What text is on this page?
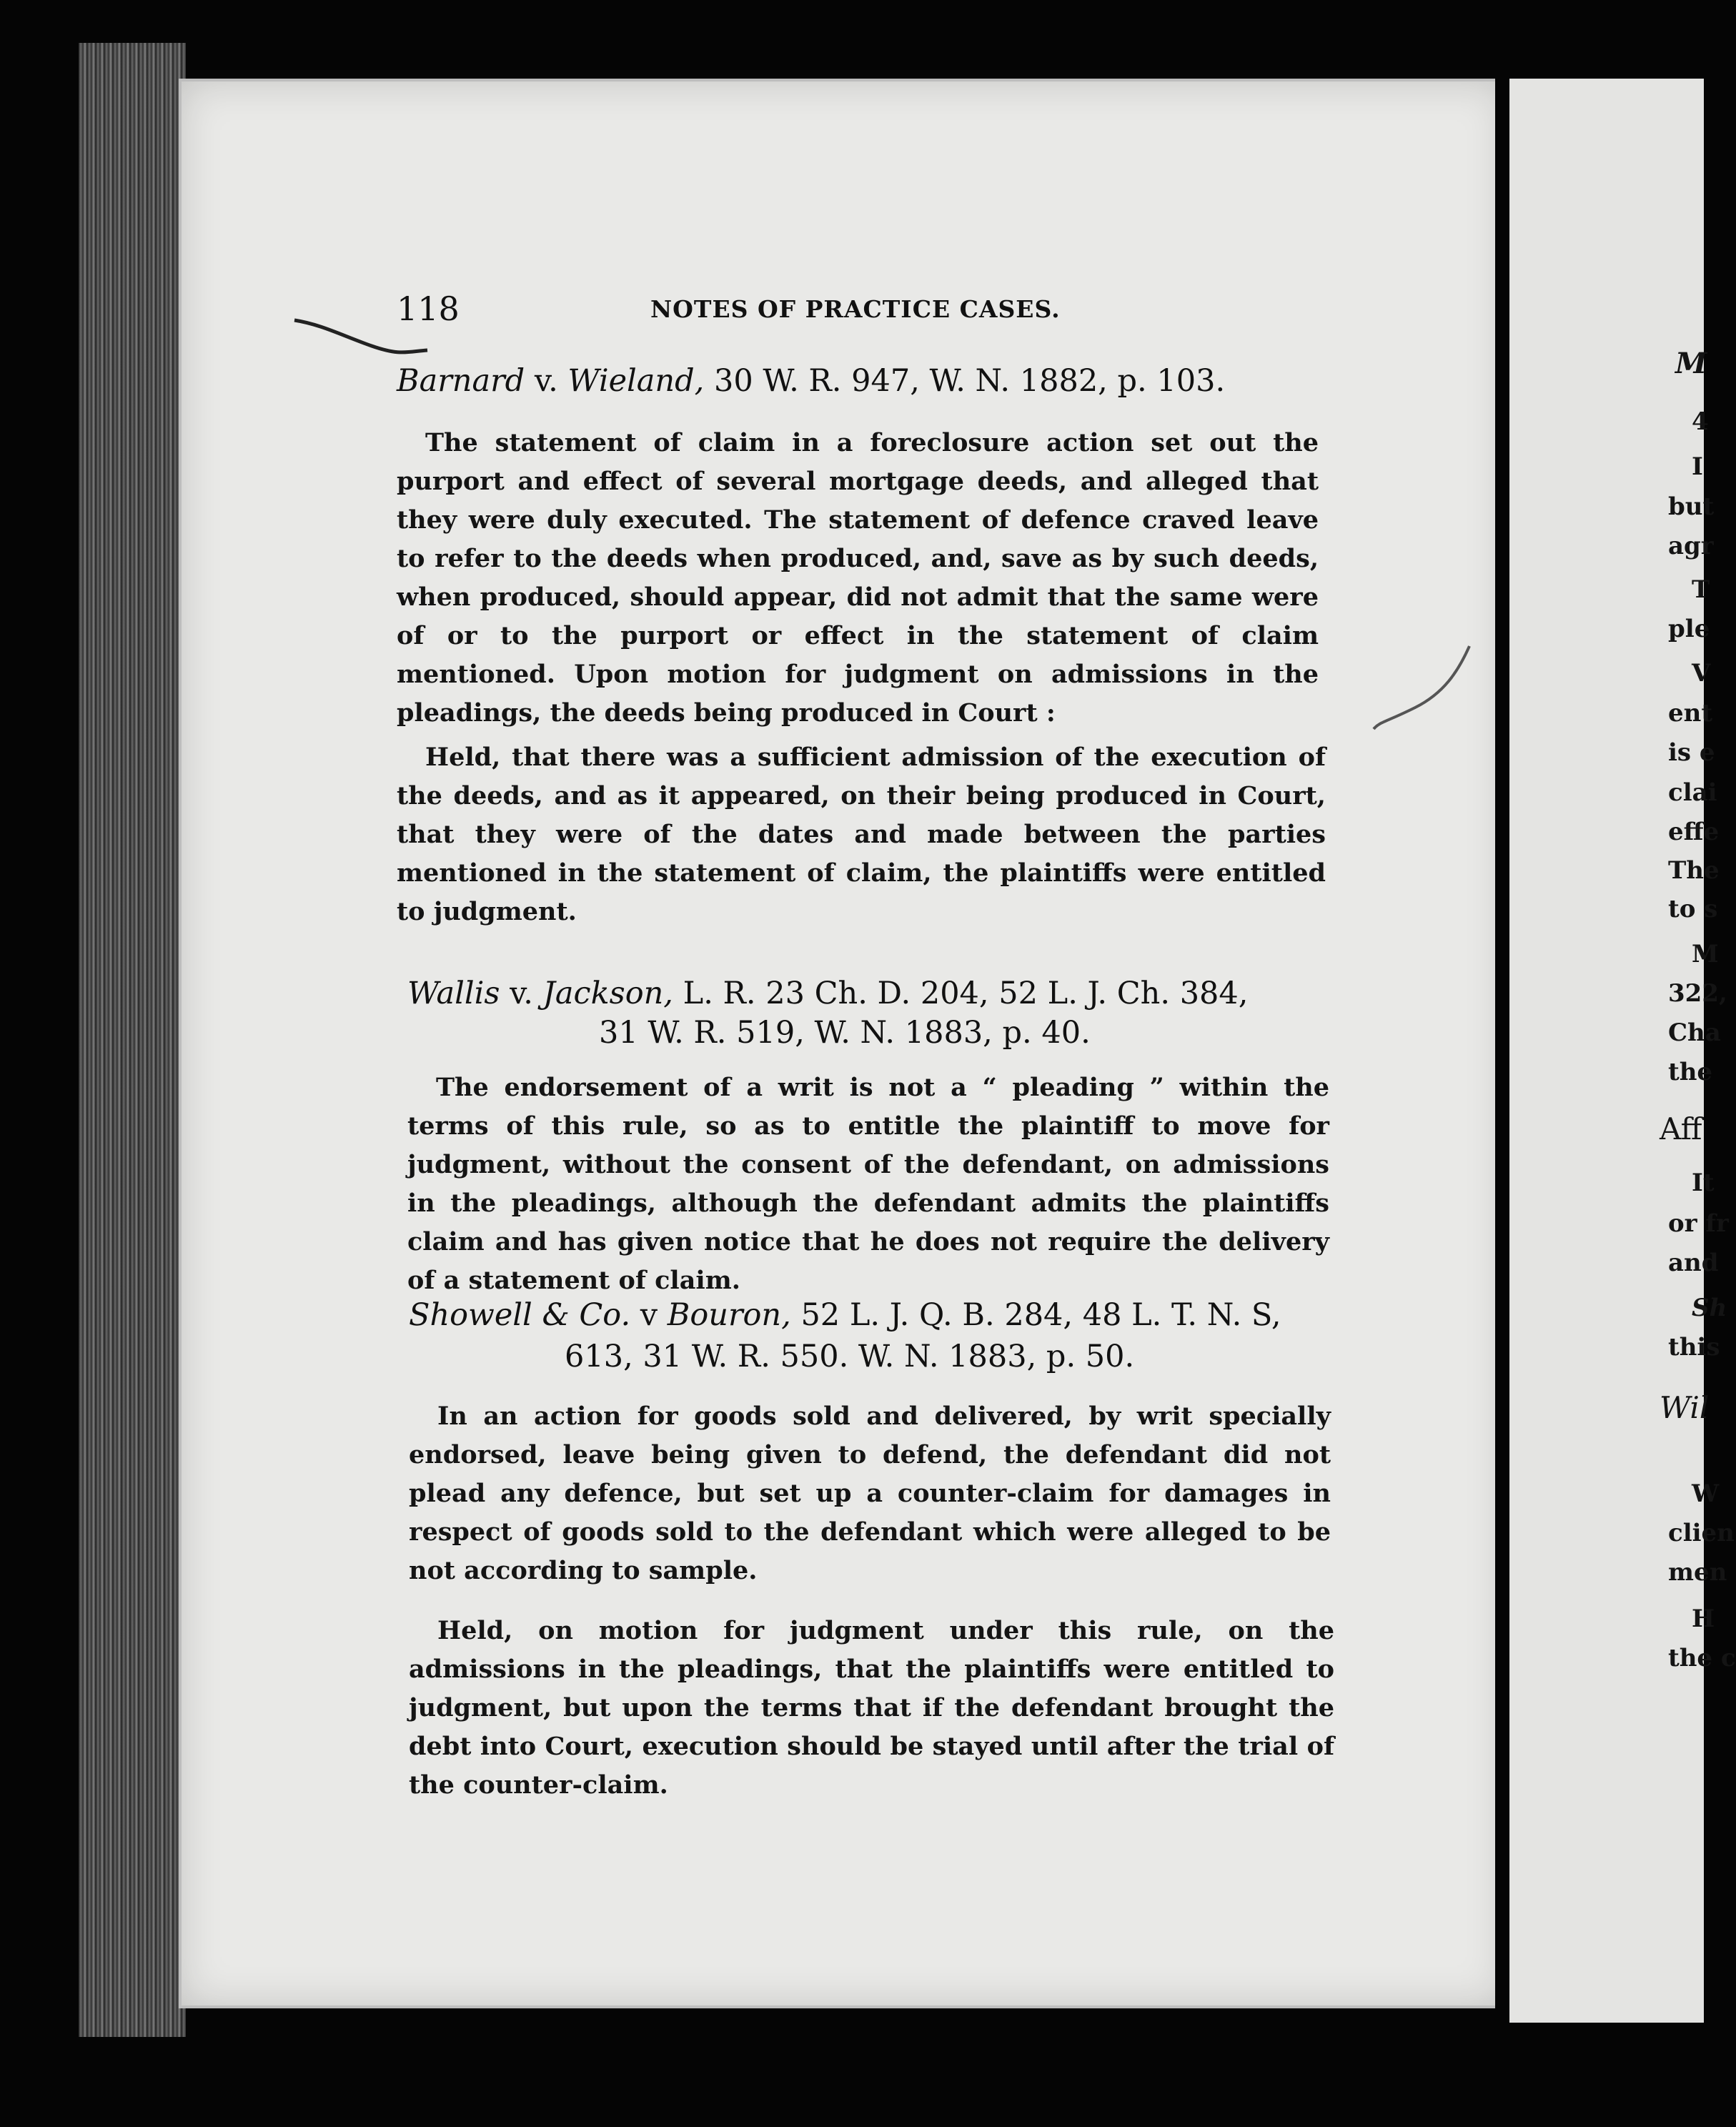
M
4
I
but
agr
T
ple
V
ent
is e
clai
effe
The
to s
M
322,
Cha
the
Aff
It
or fr
and
Sh
this
Wil
W
clien
men
H
the c
118	NOTES OF PRACTICE CASES.
Barnard v. Wieland, 30 W. R. 947, W. N. 1882, p. 103.
The statement of claim in a foreclosure action set out the purport and effect of several mortgage deeds, and alleged that they were duly executed. The statement of defence craved leave to refer to the deeds when produced, and, save as by such deeds, when produced, should appear, did not admit that the same were of or to the purport or effect in the statement of claim mentioned. Upon motion for judgment on admissions in the pleadings, the deeds being produced in Court :
Held, that there was a sufficient admission of the execution of the deeds, and as it appeared, on their being produced in Court, that they were of the dates and made between the parties mentioned in the statement of claim, the plaintiffs were entitled to judgment.
Wallis v. Jackson, L. R. 23 Ch. D. 204, 52 L. J. Ch. 384,
31 W. R. 519, W. N. 1883, p. 40.
The endorsement of a writ is not a “ pleading ” within the terms of this rule, so as to entitle the plaintiff to move for judgment, without the consent of the defendant, on admissions in the pleadings, although the defendant admits the plaintiffs claim and has given notice that he does not require the delivery of a statement of claim.
Showell & Co. v Bouron, 52 L. J. Q. B. 284, 48 L. T. N. S,
613, 31 W. R. 550. W. N. 1883, p. 50.
In an action for goods sold and delivered, by writ specially endorsed, leave being given to defend, the defendant did not plead any defence, but set up a counter-claim for damages in respect of goods sold to the defendant which were alleged to be not according to sample.
Held, on motion for judgment under this rule, on the admissions in the pleadings, that the plaintiffs were entitled to judgment, but upon the terms that if the defendant brought the debt into Court, execution should be stayed until after the trial of the counter-claim.
